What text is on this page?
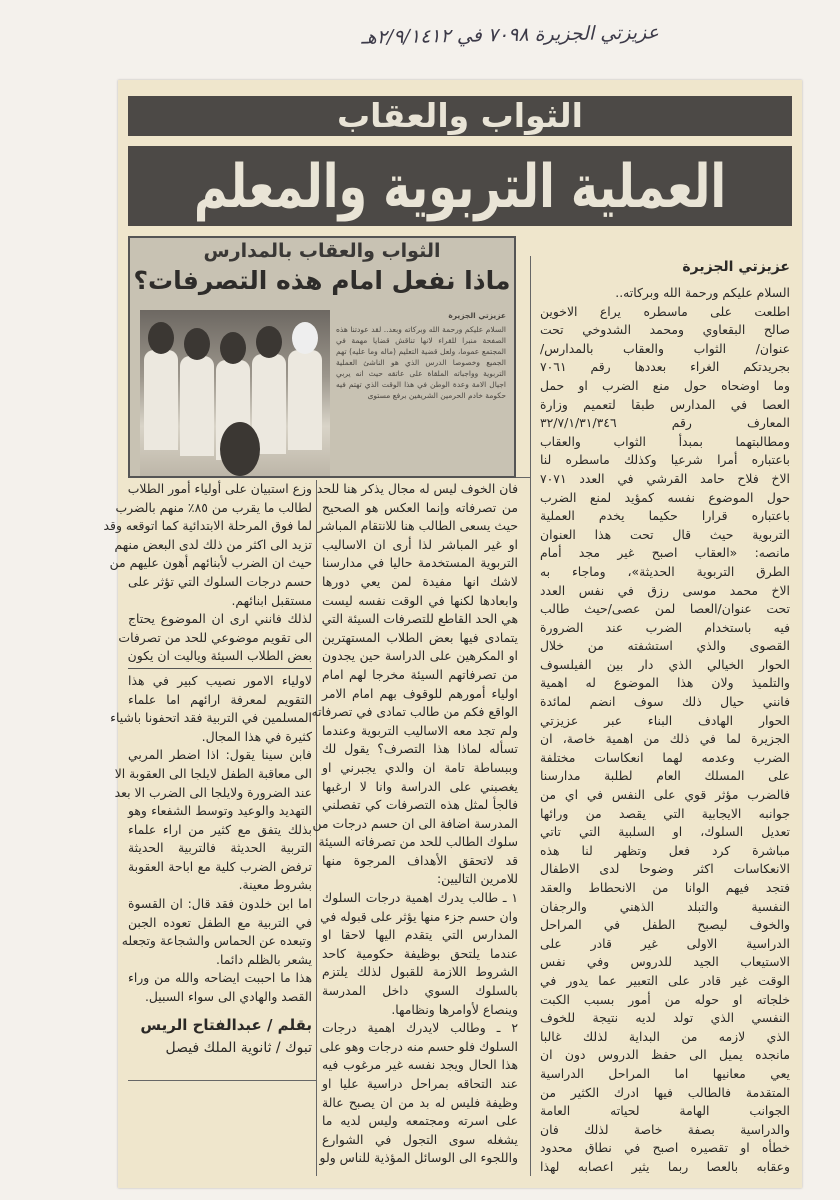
عزيزتي الجزيرة ٧٠٩٨ في ٢/٩/١٤١٢هـ
الثواب والعقاب
العملية التربوية والمعلم
الثواب والعقاب بالمدارس
ماذا نفعل امام هذه التصرفات؟
عزيزتي الجزيرة
السلام عليكم ورحمة الله وبركاته وبعد.. لقد عودتنا هذه الصفحة منبرا للقراء لانها تناقش قضايا مهمة في المجتمع عموما، ولعل قضية التعليم (ماله وما عليه) تهم الجميع وخصوصا الدرس الذي هو الناشئ العملية التربوية وواجباته الملقاة على عاتقه حيث انه يربي اجيال الامة وعدة الوطن في هذا الوقت الذي تهتم فيه حكومة خادم الحرمين الشريفين برفع مستوى
عزيزتي الجزيرة
السلام عليكم ورحمة الله وبركاته..
اطلعت على ماسطره يراع الاخوين
صالح البقعاوي ومحمد الشدوخي تحت
عنوان/ الثواب والعقاب بالمدارس/
بجريدتكم الغراء بعددها رقم ٧٠٦١
وما اوضحاه حول منع الضرب او حمل
العصا في المدارس طبقا لتعميم وزارة
المعارف رقم ٣٢/٧/١/٣١/٣٤٦
ومطالبتهما بمبدأ الثواب والعقاب
باعتباره أمرا شرعيا وكذلك ماسطره لنا
الاخ فلاح حامد القرشي في العدد ٧٠٧١
حول الموضوع نفسه كمؤيد لمنع الضرب
باعتباره قرارا حكيما يخدم العملية
التربوية حيث قال تحت هذا العنوان
مانصه: «العقاب اصبح غير مجد أمام
الطرق التربوية الحديثة»، وماجاء به
الاخ محمد موسى رزق في نفس العدد
تحت عنوان/العصا لمن عصى/حيث طالب
فيه باستخدام الضرب عند الضرورة
القصوى والذي استشفته من خلال
الحوار الخيالي الذي دار بين الفيلسوف
والتلميذ ولان هذا الموضوع له اهمية
فانني حيال ذلك سوف انضم لمائدة
الحوار الهادف البناء عبر عزيزتي
الجزيرة لما في ذلك من اهمية خاصة، ان
الضرب وعدمه لهما انعكاسات مختلفة
على المسلك العام لطلبة مدارسنا
فالضرب مؤثر قوي على النفس في اي من
جوانبه الايجابية التي يقصد من ورائها
تعديل السلوك، او السلبية التي تاتي
مباشرة كرد فعل وتظهر لنا هذه
الانعكاسات اكثر وضوحا لدى الاطفال
فتجد فيهم الوانا من الانحطاط والعقد
النفسية والتبلد الذهني والرجفان
والخوف ليصبح الطفل في المراحل
الدراسية الاولى غير قادر على
الاستيعاب الجيد للدروس وفي نفس
الوقت غير قادر على التعبير عما يدور في
خلجاته او حوله من أمور بسبب الكبت
النفسي الذي تولد لديه نتيجة للخوف
الذي لازمه من البداية لذلك غالبا
مانجده يميل الى حفظ الدروس دون ان
يعي معانيها اما المراحل الدراسية
المتقدمة فالطالب فيها ادرك الكثير من
الجوانب الهامة لحياته العامة
والدراسية بصفة خاصة لذلك فان
خطأه او تقصيره اصبح في نطاق محدود
وعقابه بالعصا ربما يثير اعصابه لهذا
فان الخوف ليس له مجال يذكر هنا للحد
من تصرفاته وإنما العكس هو الصحيح
حيث يسعى الطالب هنا للانتقام المباشر
او غير المباشر لذا أرى ان الاساليب
التربوية المستخدمة حاليا في مدارسنا
لاشك انها مفيدة لمن يعي دورها
وابعادها لكنها في الوقت نفسه ليست
هي الحد القاطع للتصرفات السيئة التي
يتمادى فيها بعض الطلاب المستهترين
او المكرهين على الدراسة حين يجدون
من تصرفاتهم السيئة مخرجا لهم امام
اولياء أمورهم للوقوف بهم امام الامر
الواقع فكم من طالب تمادى في تصرفاته
ولم تجد معه الاساليب التربوية وعندما
تسأله لماذا هذا التصرف؟ يقول لك
وببساطة تامة ان والدي يجبرني او
يغصبني على الدراسة وانا لا ارغبها
فالجأ لمثل هذه التصرفات كي تفصلني
المدرسة اضافة الى ان حسم درجات من
سلوك الطالب للحد من تصرفاته السيئة
قد لاتحقق الأهداف المرجوة منها
للامرين التاليين:
١ ـ طالب يدرك اهمية درجات السلوك
وان حسم جزء منها يؤثر على قبوله في
المدارس التي يتقدم اليها لاحقا او
عندما يلتحق بوظيفة حكومية كاحد
الشروط اللازمة للقبول لذلك يلتزم
بالسلوك السوي داخل المدرسة
وينصاع لأوامرها ونظامها.
٢ ـ وطالب لايدرك اهمية درجات
السلوك فلو حسم منه درجات وهو على
هذا الحال ويجد نفسه غير مرغوب فيه
عند التحاقه بمراحل دراسية عليا او
وظيفة فليس له بد من ان يصبح عالة
على اسرته ومجتمعه وليس لديه ما
يشغله سوى التجول في الشوارع
واللجوء الى الوسائل المؤذية للناس ولو
وزع استبيان على أولياء أمور الطلاب
لطالب ما يقرب من ٨٥٪ منهم بالضرب
لما فوق المرحلة الابتدائية كما اتوقعه وقد
تزيد الى اكثر من ذلك لدى البعض منهم
حيث ان الضرب لأبنائهم أهون عليهم من
حسم درجات السلوك التي تؤثر على
مستقبل ابنائهم.
لذلك فانني ارى ان الموضوع يحتاج
الى تقويم موضوعي للحد من تصرفات
بعض الطلاب السيئة وياليت ان يكون
لاولياء الامور نصيب كبير في هذا
التقويم لمعرفة ارائهم اما علماء
المسلمين في التربية فقد اتحفونا باشياء
كثيرة في هذا المجال.
فابن سينا يقول: اذا اضطر المربي
الى معاقبة الطفل لايلجا الى العقوبة الا
عند الضرورة ولايلجا الى الضرب الا بعد
التهديد والوعيد وتوسط الشفعاء وهو
بذلك يتفق مع كثير من اراء علماء
التربية الحديثة فالتربية الحديثة
ترفض الضرب كلية مع اباحة العقوبة
بشروط معينة.
اما ابن خلدون فقد قال: ان القسوة
في التربية مع الطفل تعوده الجبن
وتبعده عن الحماس والشجاعة وتجعله
يشعر بالظلم دائما.
هذا ما احببت ايضاحه والله من وراء
القصد والهادي الى سواء السبيل.
بقلم / عبدالفتاح الريس
تبوك / ثانوية الملك فيصل
